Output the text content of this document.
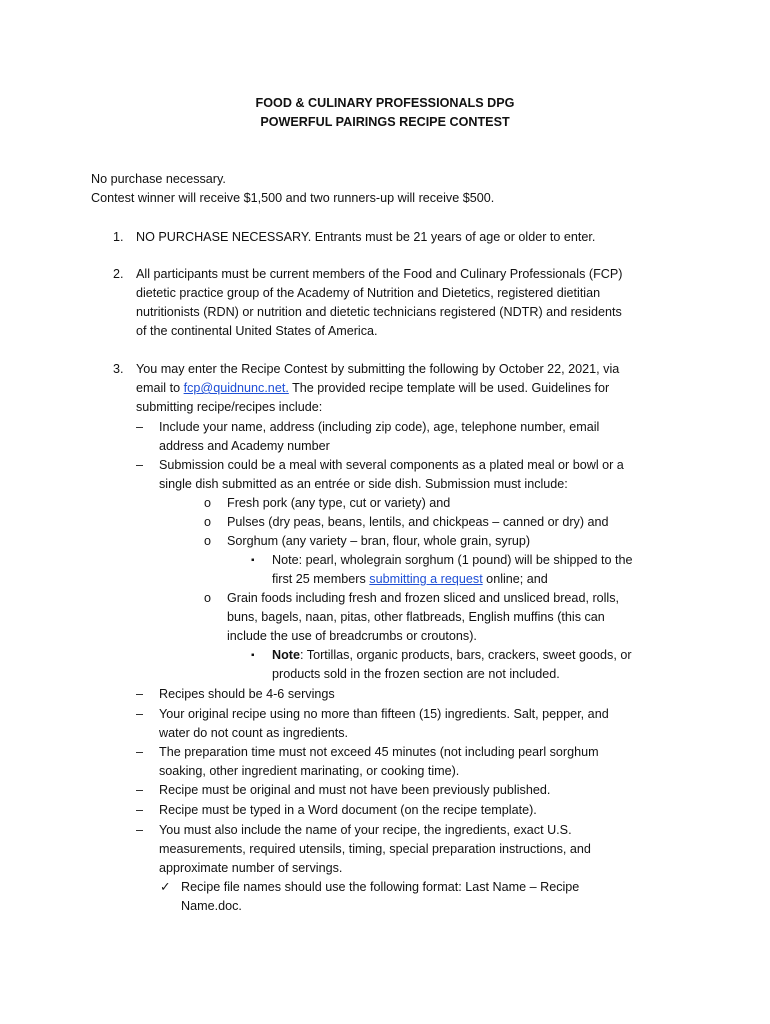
FOOD & CULINARY PROFESSIONALS DPG
POWERFUL PAIRINGS RECIPE CONTEST
No purchase necessary.
Contest winner will receive $1,500 and two runners-up will receive $500.
1. NO PURCHASE NECESSARY. Entrants must be 21 years of age or older to enter.
2. All participants must be current members of the Food and Culinary Professionals (FCP)
dietetic practice group of the Academy of Nutrition and Dietetics, registered dietitian
nutritionists (RDN) or nutrition and dietetic technicians registered (NDTR) and residents
of the continental United States of America.
3. You may enter the Recipe Contest by submitting the following by October 22, 2021, via
email to fcp@quidnunc.net. The provided recipe template will be used. Guidelines for
submitting recipe/recipes include:
– Include your name, address (including zip code), age, telephone number, email
address and Academy number
– Submission could be a meal with several components as a plated meal or bowl or a
single dish submitted as an entrée or side dish. Submission must include:
o Fresh pork (any type, cut or variety) and
o Pulses (dry peas, beans, lentils, and chickpeas – canned or dry) and
o Sorghum (any variety – bran, flour, whole grain, syrup)
▪ Note: pearl, wholegrain sorghum (1 pound) will be shipped to the
first 25 members submitting a request online; and
o Grain foods including fresh and frozen sliced and unsliced bread, rolls,
buns, bagels, naan, pitas, other flatbreads, English muffins (this can
include the use of breadcrumbs or croutons).
▪ Note: Tortillas, organic products, bars, crackers, sweet goods, or
products sold in the frozen section are not included.
– Recipes should be 4-6 servings
– Your original recipe using no more than fifteen (15) ingredients. Salt, pepper, and
water do not count as ingredients.
– The preparation time must not exceed 45 minutes (not including pearl sorghum
soaking, other ingredient marinating, or cooking time).
– Recipe must be original and must not have been previously published.
– Recipe must be typed in a Word document (on the recipe template).
– You must also include the name of your recipe, the ingredients, exact U.S.
measurements, required utensils, timing, special preparation instructions, and
approximate number of servings.
✓ Recipe file names should use the following format: Last Name – Recipe
Name.doc.
